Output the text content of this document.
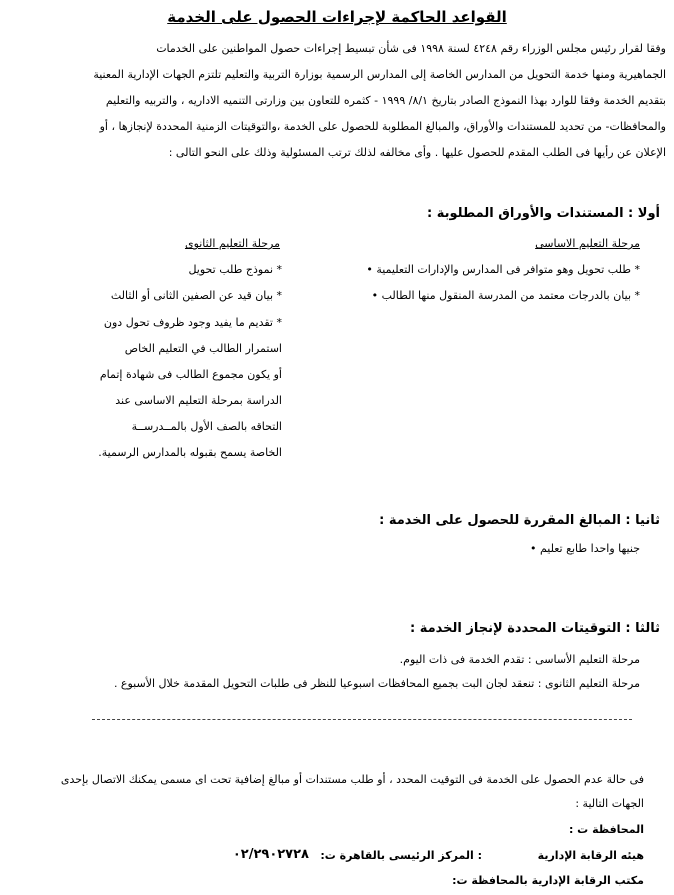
القواعد الحاكمة لإجراءات الحصول على الخدمة
وفقا لقرار رئيس مجلس الوزراء رقم ٤٢٤٨ لسنة ١٩٩٨ فى شأن تبسيط إجراءات حصول المواطنين على الخدمات
الجماهيرية ومنها خدمة التحويل من المدارس الخاصة إلى المدارس الرسمية بوزارة التربية والتعليم تلتزم الجهات الإدارية المعنية
بتقديم الخدمة وفقا للوارد بهذا النموذج الصادر بتاريخ ٨/١/ ١٩٩٩ - كثمره للتعاون بين وزارتى التنميه الاداريه ، والتربيه والتعليم
والمحافظات- من تحديد للمستندات والأوراق، والمبالغ المطلوبة للحصول على الخدمة ،والتوقيتات الزمنية المحددة لإنجازها ، أو
الإعلان عن رأيها فى الطلب المقدم للحصول عليها . وأى مخالفه لذلك ترتب المسئولية وذلك على النحو التالى :
أولا : المستندات والأوراق المطلوبة :
مرحلة التعليم الاساسى
مرحلة التعليم الثانوى
* طلب تحويل وهو متوافر فى المدارس والإدارات التعليمية •
* بيان بالدرجات معتمد من المدرسة المنقول منها الطالب •
* نموذج طلب تحويل
* بيان قيد عن الصفين الثانى أو الثالث
* تقديم ما يفيد وجود ظروف تحول دون
استمرار الطالب في التعليم الخاص
أو يكون مجموع الطالب فى شهادة إتمام
الدراسة بمرحلة التعليم الاساسى عند
التحاقه بالصف الأول بالمــدرســة
الخاصة يسمح بقبوله بالمدارس الرسمية.
ثانيا : المبالغ المقررة للحصول على الخدمة :
جنيها واحدا طابع تعليم •
ثالثا : التوقيتات المحددة لإنجاز الخدمة :
مرحلة التعليم الأساسى : تقدم الخدمة فى ذات اليوم.
مرحلة التعليم الثانوى : تنعقد لجان البت بجميع المحافظات اسبوعيا للنظر فى طلبات التحويل المقدمة خلال الأسبوع .
فى حالة عدم الحصول على الخدمة فى التوقيت المحدد ، أو طلب مستندات أو مبالغ إضافية تحت اى مسمى يمكنك الاتصال بإحدى
الجهات التالية :
المحافظة ت :
هيئه الرقابة الإدارية
: المركز الرئيسى بالقاهرة ت:
٠٢/٢٩٠٢٧٢٨
مكتب الرقابة الإدارية بالمحافظة ت:
